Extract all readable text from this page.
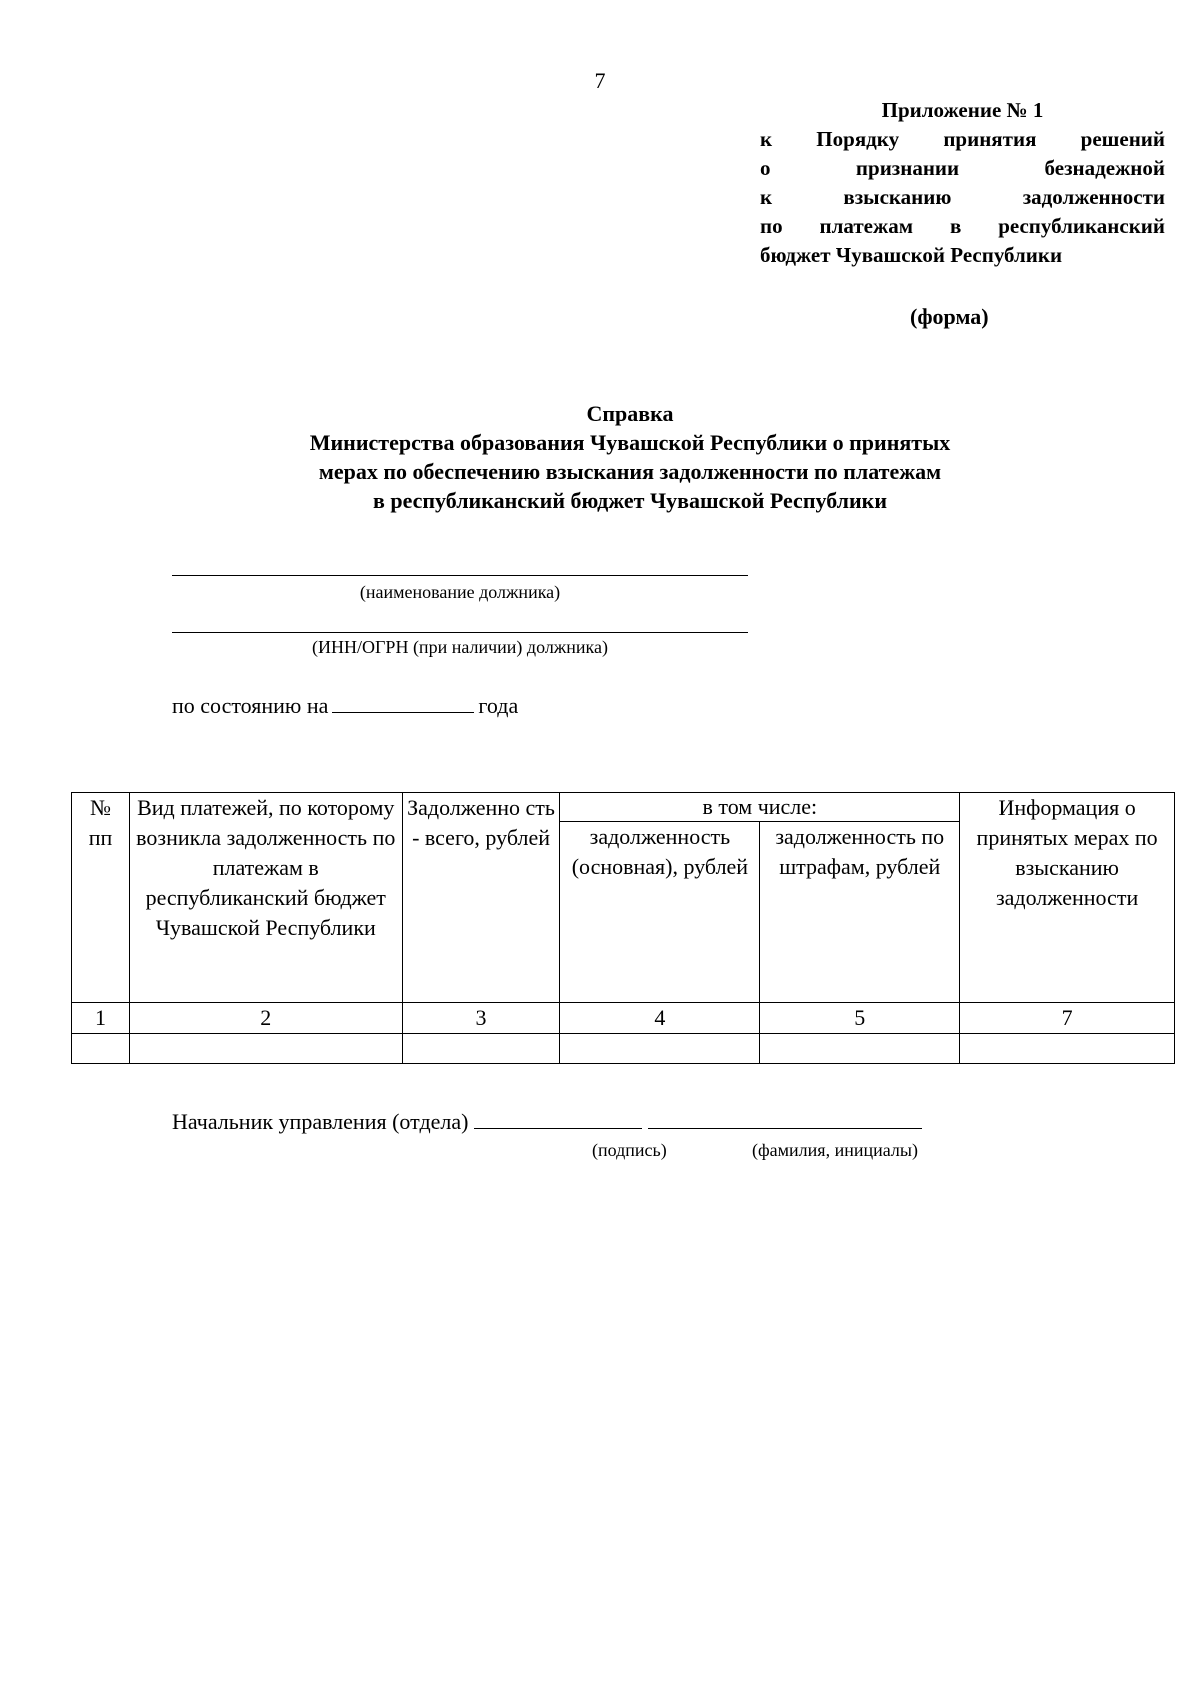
7
Приложение № 1
к Порядку принятия решений
о признании безнадежной
к взысканию задолженности
по платежам в республиканский
бюджет Чувашской Республики
(форма)
Справка
Министерства образования Чувашской Республики о принятых
мерах по обеспечению взыскания задолженности по платежам
в республиканский бюджет Чувашской Республики
(наименование должника)
(ИНН/ОГРН (при наличии) должника)
по состоянию на	года
№ пп	Вид платежей, по которому возникла задолженность по платежам в республиканский бюджет Чувашской Республики	Задолженно сть - всего, рублей	в том числе:		Информация о принятых мерах по взысканию задолженности
			задолженность (основная), рублей	задолженность по штрафам, рублей	
1	2	3	4	5	7

Начальник управления (отдела)
(подпись)	(фамилия, инициалы)
